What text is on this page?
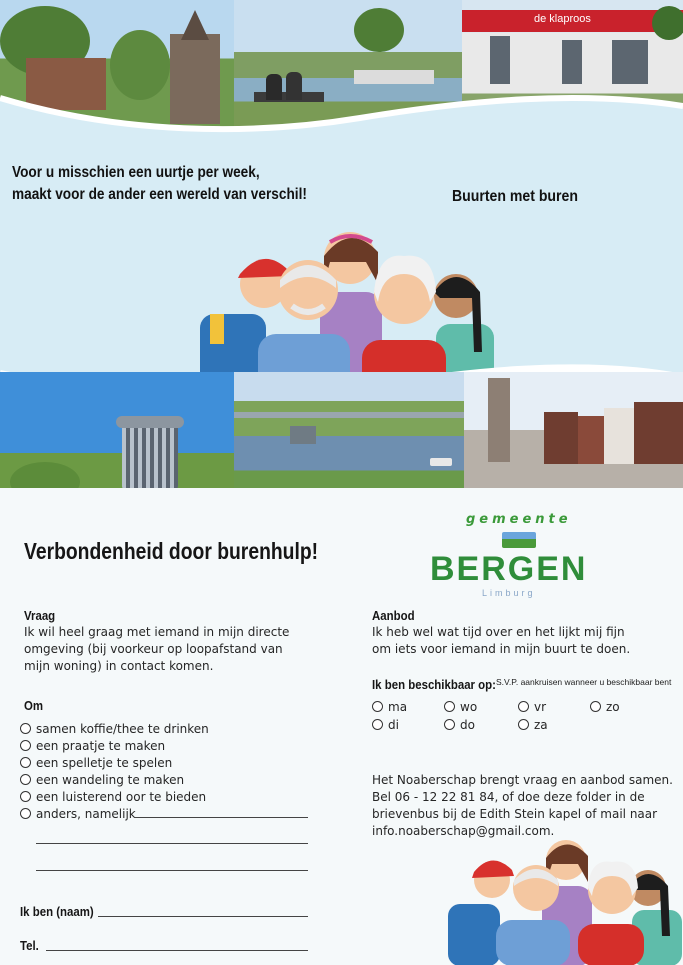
de klaproos
Voor u misschien een uurtje per week,
maakt voor de ander een wereld van verschil!	Buurten met buren
Verbondenheid door burenhulp!
gemeente
BERGEN
Limburg
Vraag
Ik wil heel graag met iemand in mijn directe
omgeving (bij voorkeur op loopafstand van
mijn woning) in contact komen.
Om
samen koffie/thee te drinken
een praatje te maken
een spelletje te spelen
een wandeling te maken
een luisterend oor te bieden
anders, namelijk
Ik ben (naam)
Tel.
Aanbod
Ik heb wel wat tijd over en het lijkt mij fijn
om iets voor iemand in mijn buurt te doen.
Ik ben beschikbaar op: S.V.P. aankruisen wanneer u beschikbaar bent
ma	wo	vr	zo
di	do	za
Het Noaberschap brengt vraag en aanbod samen.
Bel 06 - 12 22 81 84, of doe deze folder in de
brievenbus bij de Edith Stein kapel of mail naar
info.noaberschap@gmail.com.
